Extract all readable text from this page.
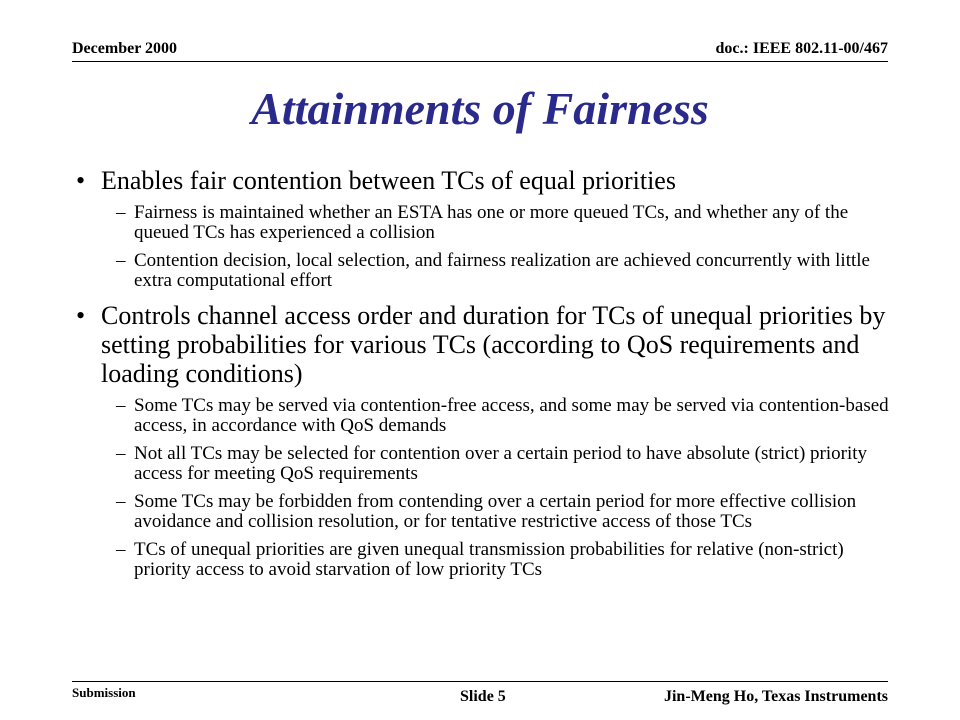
December 2000	doc.: IEEE 802.11-00/467
Attainments of Fairness
• Enables fair contention between TCs of equal priorities
– Fairness is maintained whether an ESTA has one or more queued TCs, and whether any of the queued TCs has experienced a collision
– Contention decision, local selection, and fairness realization are achieved concurrently with little extra computational effort
• Controls channel access order and duration for TCs of unequal priorities by setting probabilities for various TCs (according to QoS requirements and loading conditions)
– Some TCs may be served via contention-free access, and some may be served via contention-based access, in accordance with QoS demands
– Not all TCs may be selected for contention over a certain period to have absolute (strict) priority access for meeting QoS requirements
– Some TCs may be forbidden from contending over a certain period for more effective collision avoidance and collision resolution, or for tentative restrictive access of those TCs
– TCs of unequal priorities are given unequal transmission probabilities for relative (non-strict) priority access to avoid starvation of low priority TCs
Submission	Slide 5	Jin-Meng Ho, Texas Instruments
